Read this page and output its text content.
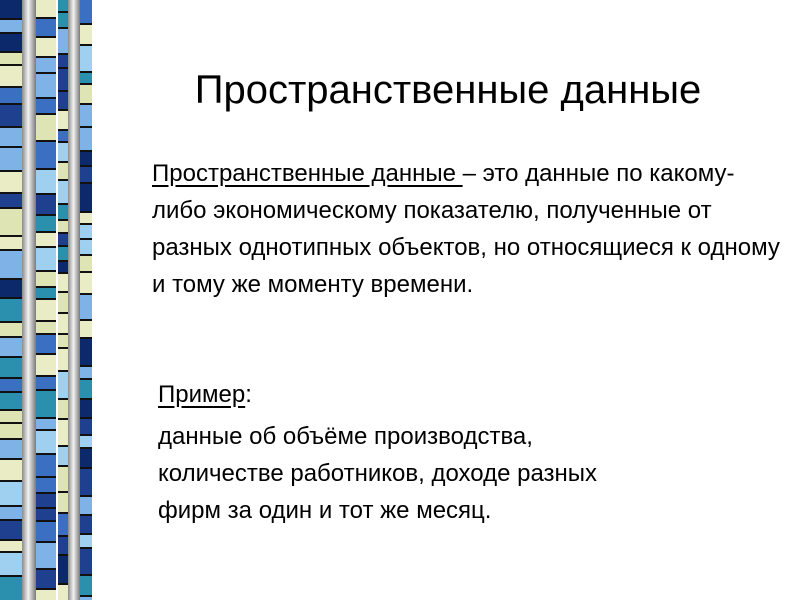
Пространственные данные
Пространственные данные – это данные по какому-либо экономическому показателю, полученные от разных однотипных объектов, но относящиеся к одному и тому же моменту времени.
Пример:
данные об объёме производства,
количестве работников, доходе разных
фирм за один и тот же месяц.
